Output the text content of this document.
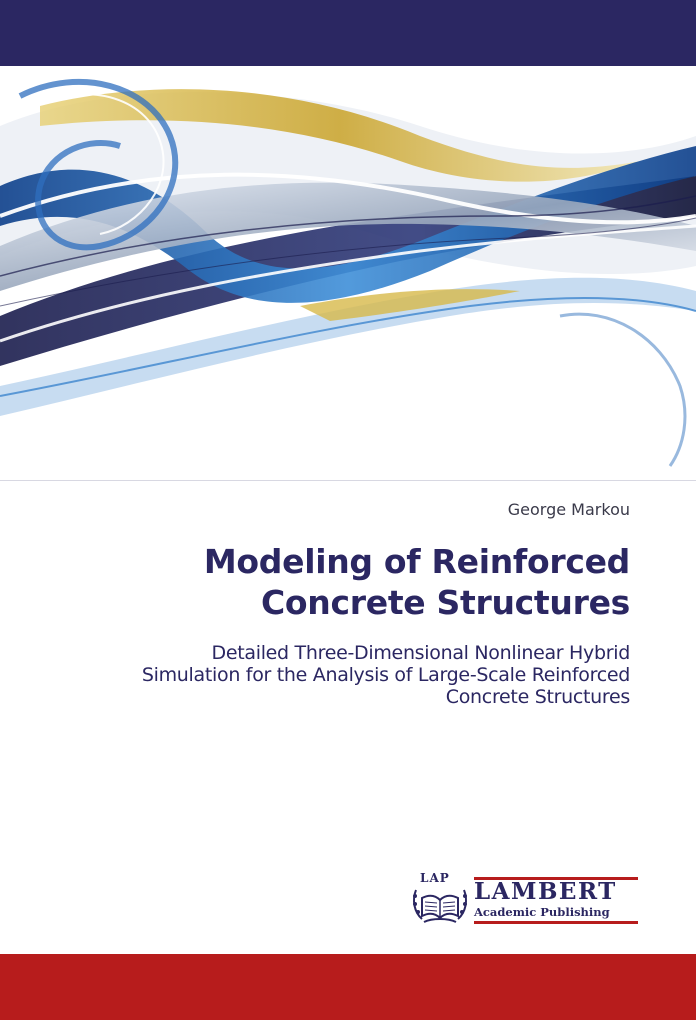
George Markou
Modeling of Reinforced
Concrete Structures
Detailed Three-Dimensional Nonlinear Hybrid
Simulation for the Analysis of Large-Scale Reinforced
Concrete Structures
LAP LAMBERT
Academic Publishing
